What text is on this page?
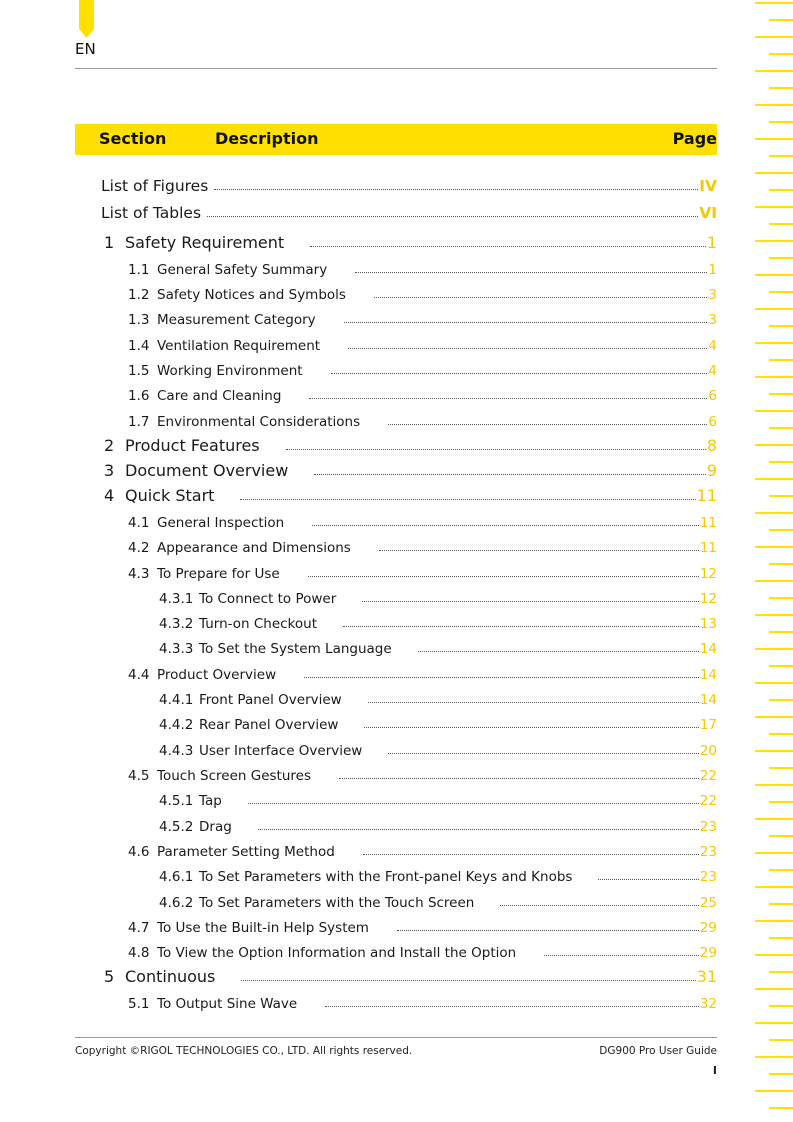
EN
Section	Description	Page
List of Figures	IV
List of Tables	VI
1 Safety Requirement	1
1.1 General Safety Summary	1
1.2 Safety Notices and Symbols	3
1.3 Measurement Category	3
1.4 Ventilation Requirement	4
1.5 Working Environment	4
1.6 Care and Cleaning	6
1.7 Environmental Considerations	6
2 Product Features	8
3 Document Overview	9
4 Quick Start	11
4.1 General Inspection	11
4.2 Appearance and Dimensions	11
4.3 To Prepare for Use	12
4.3.1 To Connect to Power	12
4.3.2 Turn-on Checkout	13
4.3.3 To Set the System Language	14
4.4 Product Overview	14
4.4.1 Front Panel Overview	14
4.4.2 Rear Panel Overview	17
4.4.3 User Interface Overview	20
4.5 Touch Screen Gestures	22
4.5.1 Tap	22
4.5.2 Drag	23
4.6 Parameter Setting Method	23
4.6.1 To Set Parameters with the Front-panel Keys and Knobs	23
4.6.2 To Set Parameters with the Touch Screen	25
4.7 To Use the Built-in Help System	29
4.8 To View the Option Information and Install the Option	29
5 Continuous	31
5.1 To Output Sine Wave	32
Copyright ©RIGOL TECHNOLOGIES CO., LTD. All rights reserved.	DG900 Pro User Guide
I
